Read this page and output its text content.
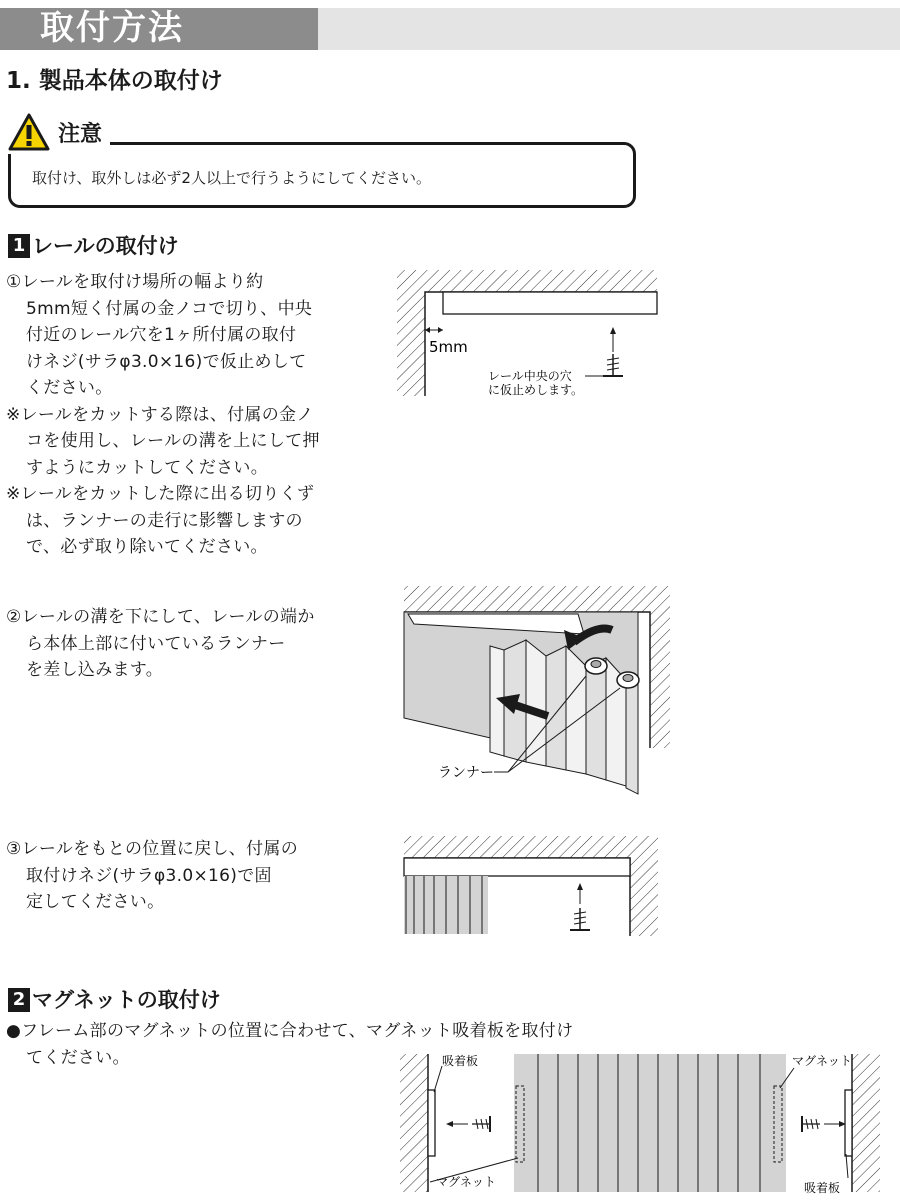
取付方法
1. 製品本体の取付け
注意
取付け、取外しは必ず2人以上で行うようにしてください。
1 レールの取付け
①レールを取付け場所の幅より約
5mm短く付属の金ノコで切り、中央
付近のレール穴を1ヶ所付属の取付
けネジ(サラφ3.0×16)で仮止めして
ください。
※レールをカットする際は、付属の金ノ
コを使用し、レールの溝を上にして押
すようにカットしてください。
※レールをカットした際に出る切りくず
は、ランナーの走行に影響しますの
で、必ず取り除いてください。
②レールの溝を下にして、レールの端か
ら本体上部に付いているランナー
を差し込みます。
③レールをもとの位置に戻し、付属の
取付けネジ(サラφ3.0×16)で固
定してください。
5mm
レール中央の穴
に仮止めします。
ランナー
2 マグネットの取付け
●フレーム部のマグネットの位置に合わせて、マグネット吸着板を取付け
てください。	吸着板
マグネット
マグネット
吸着板
